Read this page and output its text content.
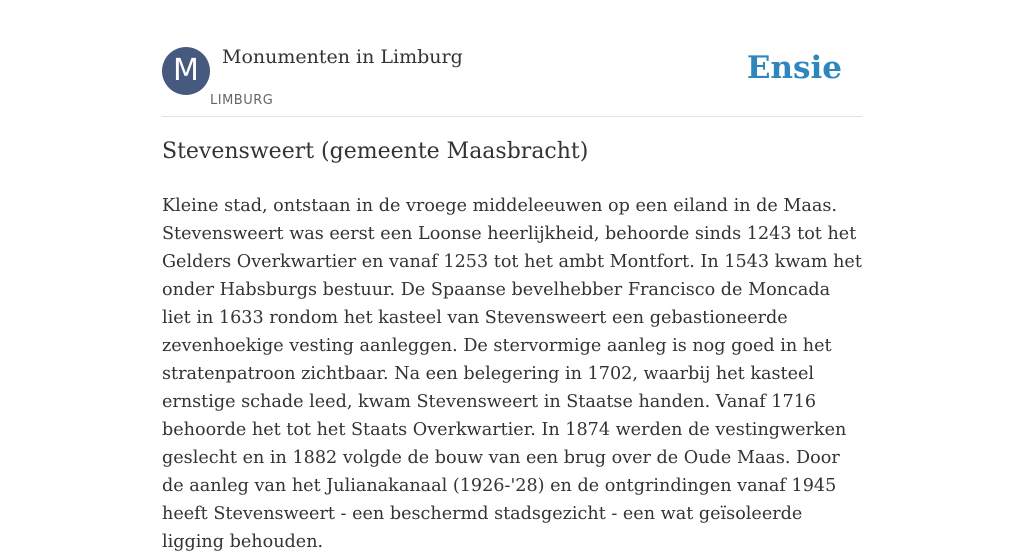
M	Monumenten in Limburg
LIMBURG
Ensie
Stevensweert (gemeente Maasbracht)

Kleine stad, ontstaan in de vroege middeleeuwen op een eiland in de Maas. Stevensweert was eerst een Loonse heerlijkheid, behoorde sinds 1243 tot het Gelders Overkwartier en vanaf 1253 tot het ambt Montfort. In 1543 kwam het onder Habsburgs bestuur. De Spaanse bevelhebber Francisco de Moncada liet in 1633 rondom het kasteel van Stevensweert een gebastioneerde zevenhoekige vesting aanleggen. De stervormige aanleg is nog goed in het stratenpatroon zichtbaar. Na een belegering in 1702, waarbij het kasteel ernstige schade leed, kwam Stevensweert in Staatse handen. Vanaf 1716 behoorde het tot het Staats Overkwartier. In 1874 werden de vestingwerken geslecht en in 1882 volgde de bouw van een brug over de Oude Maas. Door de aanleg van het Julianakanaal (1926-'28) en de ontgrindingen vanaf 1945 heeft Stevensweert - een beschermd stadsgezicht - een wat geïsoleerde ligging behouden.
